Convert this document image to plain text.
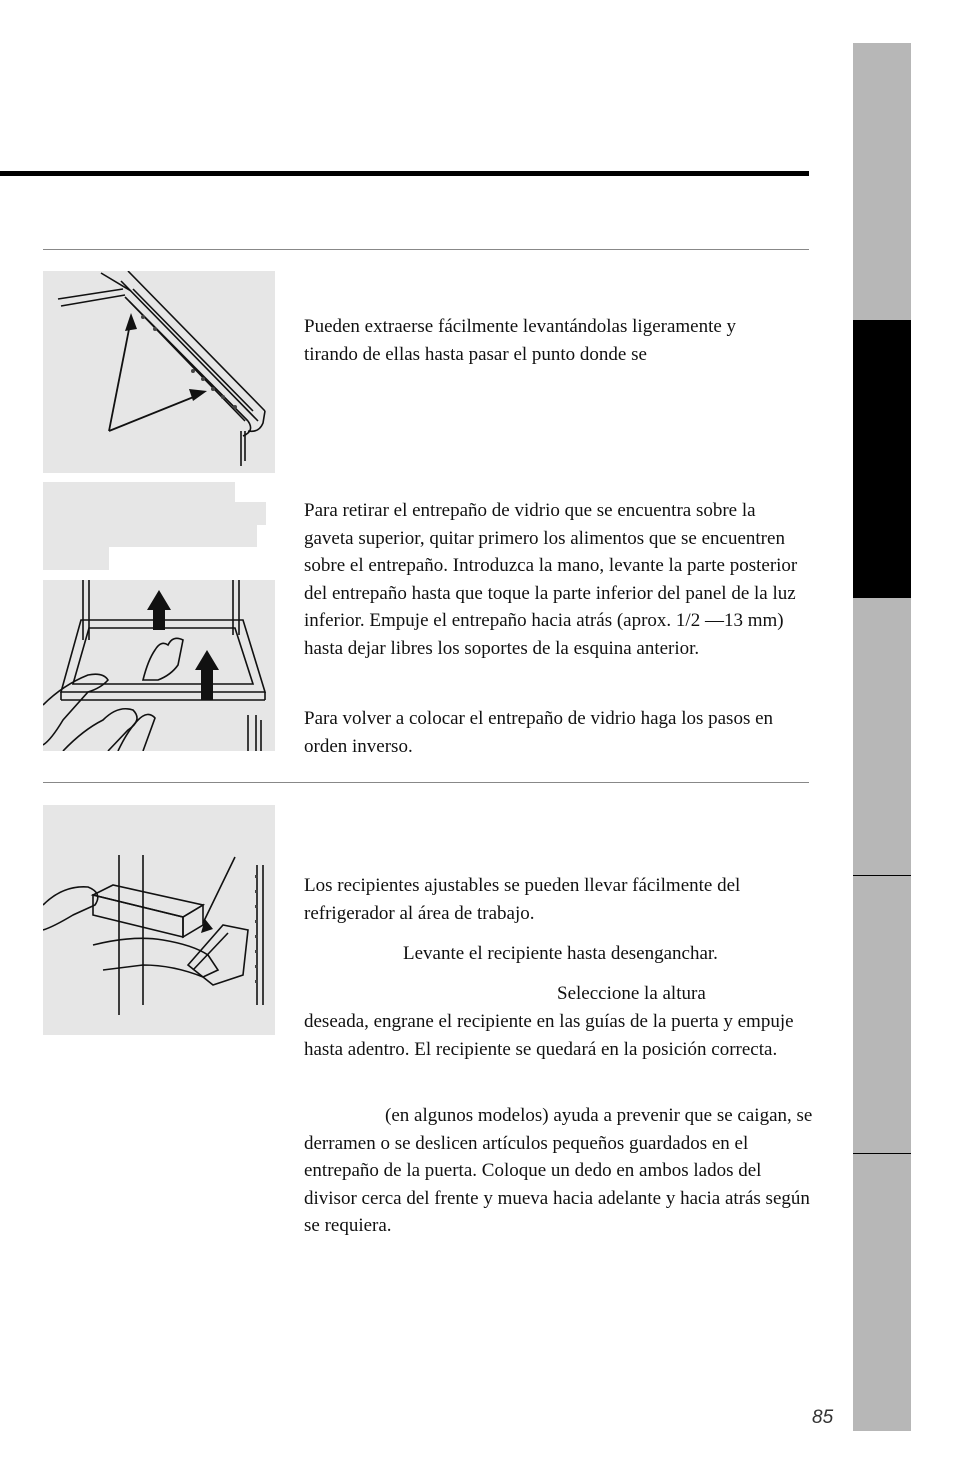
Pueden extraerse fácilmente levantándolas ligeramente y tirando de ellas hasta pasar el punto donde se

Para retirar el entrepaño de vidrio que se encuentra sobre la gaveta superior, quitar primero los alimentos que se encuentren sobre el entrepaño. Introduzca la mano, levante la parte posterior del entrepaño hasta que toque la parte inferior del panel de la luz inferior. Empuje el entrepaño hacia atrás (aprox. 1/2 —13 mm) hasta dejar libres los soportes de la esquina anterior.

Para volver a colocar el entrepaño de vidrio haga los pasos en orden inverso.

Los recipientes ajustables se pueden llevar fácilmente del refrigerador al área de trabajo.

Levante el recipiente hasta desenganchar.

Seleccione la altura

deseada, engrane el recipiente en las guías de la puerta y empuje hasta adentro. El recipiente se quedará en la posición correcta.

(en algunos modelos) ayuda a prevenir que se caigan, se derramen o se deslicen artículos pequeños guardados en el entrepaño de la puerta. Coloque un dedo en ambos lados del divisor cerca del frente y mueva hacia adelante y hacia atrás según se requiera.

85
